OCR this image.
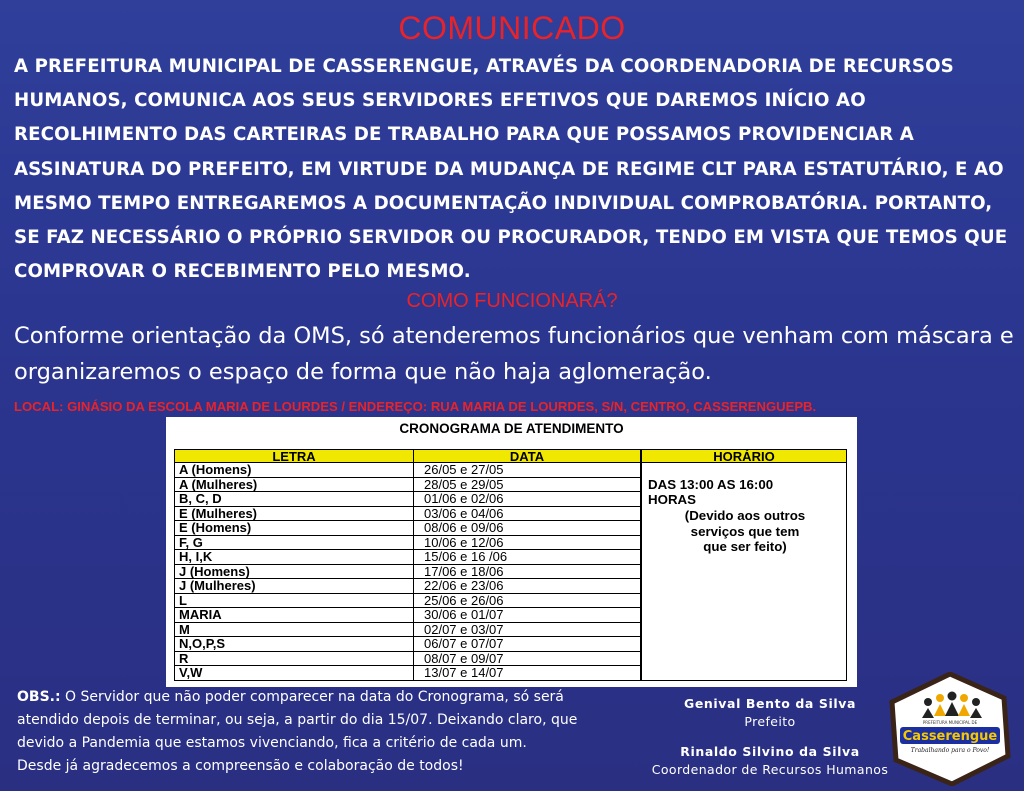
COMUNICADO
A PREFEITURA MUNICIPAL DE CASSERENGUE, ATRAVÉS DA COORDENADORIA DE RECURSOS HUMANOS, COMUNICA AOS SEUS SERVIDORES EFETIVOS QUE DAREMOS INÍCIO AO RECOLHIMENTO DAS CARTEIRAS DE TRABALHO PARA QUE POSSAMOS PROVIDENCIAR A ASSINATURA DO PREFEITO, EM VIRTUDE DA MUDANÇA DE REGIME CLT PARA ESTATUTÁRIO, E AO MESMO TEMPO ENTREGAREMOS A DOCUMENTAÇÃO INDIVIDUAL COMPROBATÓRIA. PORTANTO, SE FAZ NECESSÁRIO O PRÓPRIO SERVIDOR OU PROCURADOR, TENDO EM VISTA QUE TEMOS QUE COMPROVAR O RECEBIMENTO PELO MESMO.
COMO FUNCIONARÁ?
Conforme orientação da OMS, só atenderemos funcionários que venham com máscara e organizaremos o espaço de forma que não haja aglomeração.
LOCAL: GINÁSIO DA ESCOLA MARIA DE LOURDES / ENDEREÇO: RUA MARIA DE LOURDES, S/N, CENTRO, CASSERENGUEPB.
CRONOGRAMA DE ATENDIMENTO
LETRA	DATA	HORÁRIO
A (Homens)	26/05 e 27/05
A (Mulheres)	28/05 e 29/05
B, C, D	01/06 e 02/06
E (Mulheres)	03/06 e 04/06
E (Homens)	08/06 e 09/06
F, G	10/06 e 12/06
H, I,K	15/06 e 16 /06
J (Homens)	17/06 e 18/06
J (Mulheres)	22/06 e 23/06
L	25/06 e 26/06
MARIA	30/06 e 01/07
M	02/07 e 03/07
N,O,P,S	06/07 e 07/07
R	08/07 e 09/07
V,W	13/07 e 14/07
DAS 13:00 AS 16:00
HORAS
(Devido aos outros
serviços que tem
que ser feito)
OBS.: O Servidor que não poder comparecer na data do Cronograma, só será
atendido depois de terminar, ou seja, a partir do dia 15/07. Deixando claro, que
devido a Pandemia que estamos vivenciando, fica a critério de cada um.
Desde já agradecemos a compreensão e colaboração de todos!
Genival Bento da Silva
Prefeito
Rinaldo Silvino da Silva
Coordenador de Recursos Humanos
PREFEITURA MUNICIPAL DE
Casserengue
Trabalhando para o Povo!
